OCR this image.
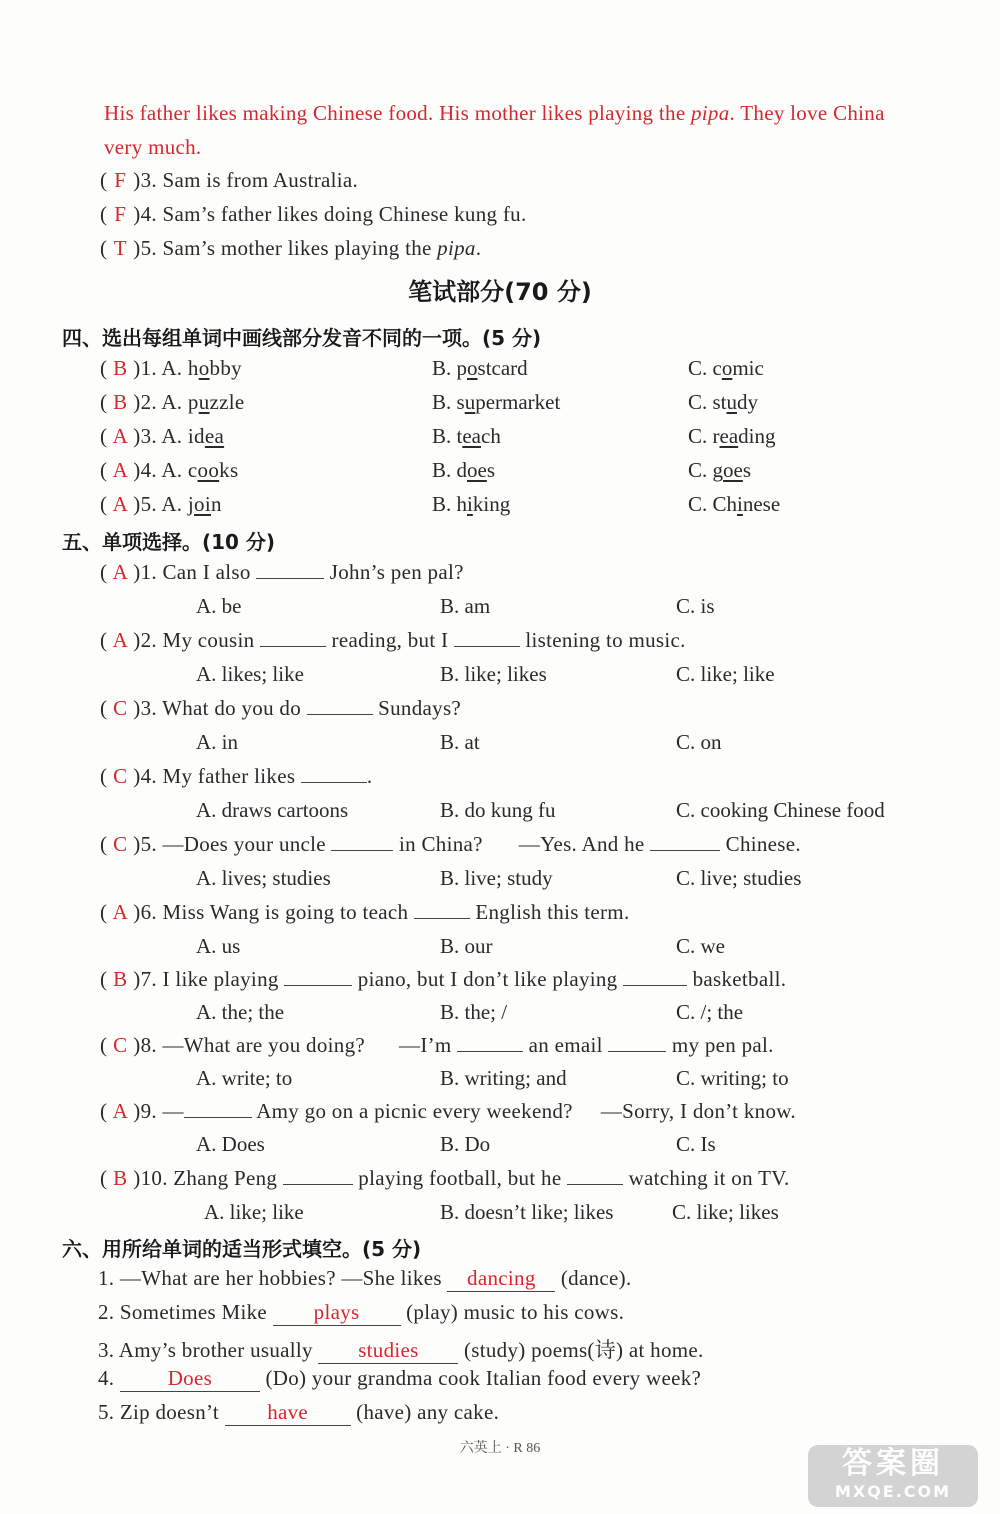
His father likes making Chinese food. His mother likes playing the pipa. They love China
very much.
( F )3. Sam is from Australia.
( F )4. Sam’s father likes doing Chinese kung fu.
( T )5. Sam’s mother likes playing the pipa.
笔试部分(70 分)
四、选出每组单词中画线部分发音不同的一项。(5 分)
( B )1. A. hobby	B. postcard	C. comic
( B )2. A. puzzle	B. supermarket	C. study
( A )3. A. idea	B. teach	C. reading
( A )4. A. cooks	B. does	C. goes
( A )5. A. join	B. hiking	C. Chinese
五、单项选择。(10 分)
( A )1. Can I also	John’s pen pal?
A. be	B. am	C. is
( A )2. My cousin	reading, but I	listening to music.
A. likes; like	B. like; likes	C. like; like
( C )3. What do you do	Sundays?
A. in	B. at	C. on
( C )4. My father likes	.
A. draws cartoons	B. do kung fu	C. cooking Chinese food
( C )5. —Does your uncle	in China? —Yes. And he	Chinese.
A. lives; studies	B. live; study	C. live; studies
( A )6. Miss Wang is going to teach	English this term.
A. us	B. our	C. we
( B )7. I like playing	piano, but I don’t like playing	basketball.
A. the; the	B. the; /	C. /; the
( C )8. —What are you doing? —I’m	an email	my pen pal.
A. write; to	B. writing; and	C. writing; to
( A )9. —	Amy go on a picnic every weekend? —Sorry, I don’t know.
A. Does	B. Do	C. Is
( B )10. Zhang Peng	playing football, but he	watching it on TV.
A. like; like	B. doesn’t like; likes	C. like; likes
六、用所给单词的适当形式填空。(5 分)
1. —What are her hobbies? —She likes dancing (dance).
2. Sometimes Mike plays (play) music to his cows.
3. Amy’s brother usually studies (study) poems(诗) at home.
4. Does (Do) your grandma cook Italian food every week?
5. Zip doesn’t have (have) any cake.
六英上 · R 86	答案圈
MXQE.COM
